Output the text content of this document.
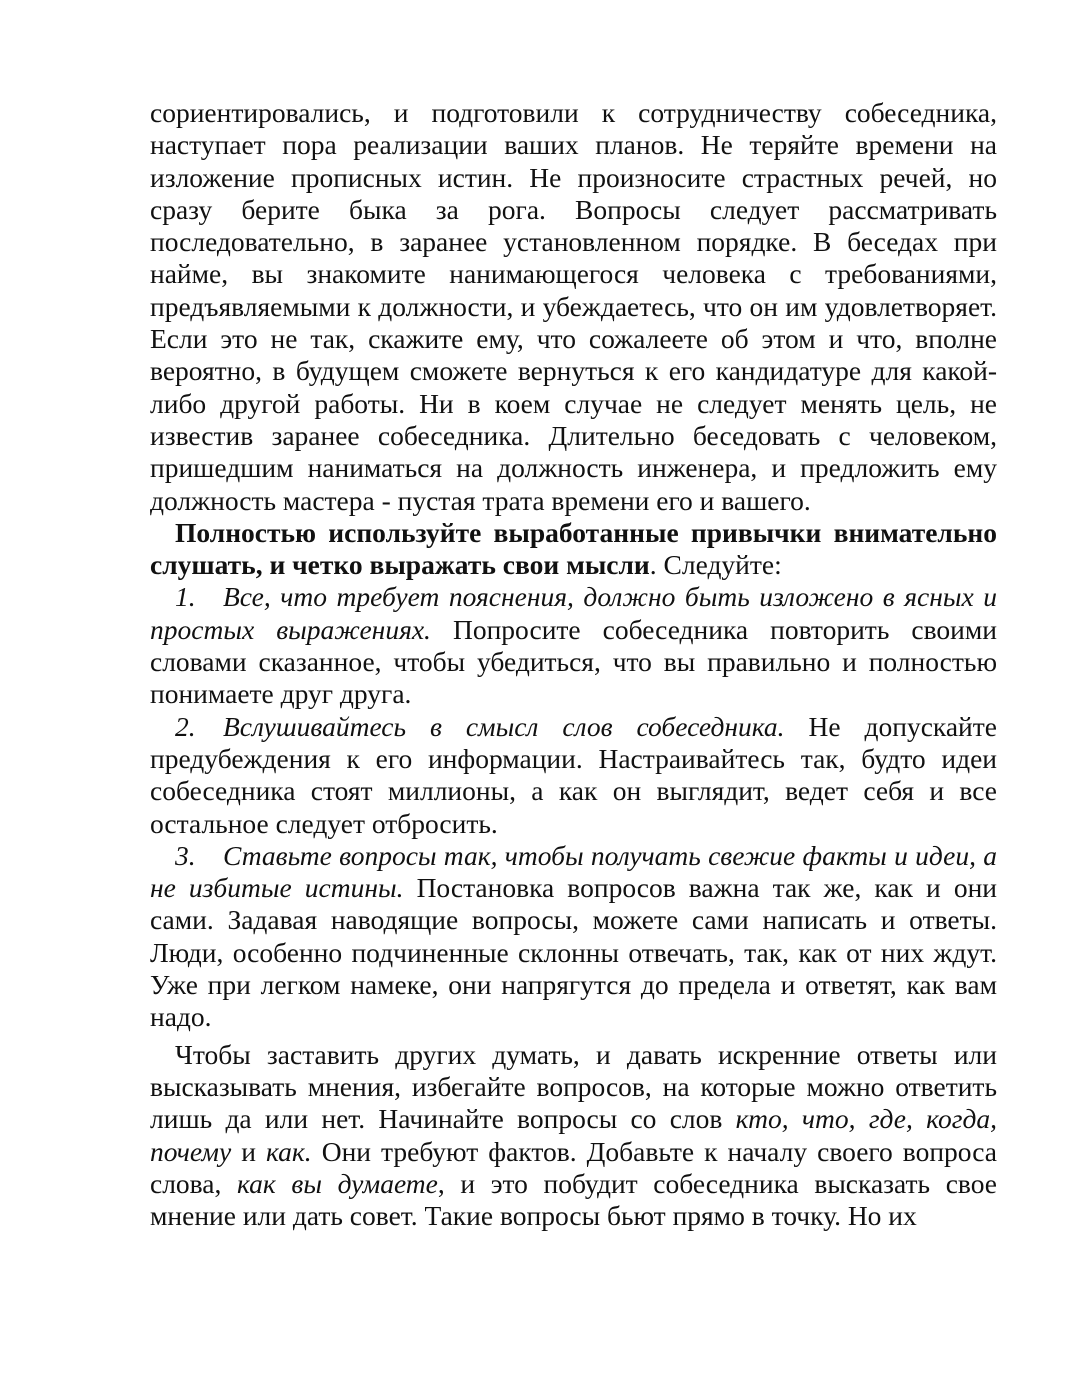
сориентировались, и подготовили к сотрудничеству собеседника, наступает пора реализации ваших планов. Не теряйте времени на изложение прописных истин. Не произносите страстных речей, но сразу берите быка за рога. Вопросы следует рассматривать последовательно, в заранее установленном порядке. В беседах при найме, вы знакомите нанимающегося человека с требованиями, предъявляемыми к должности, и убеждаетесь, что он им удовлетворяет. Если это не так, скажите ему, что сожалеете об этом и что, вполне вероятно, в будущем сможете вернуться к его кандидатуре для какой-либо другой работы. Ни в коем случае не следует менять цель, не известив заранее собеседника. Длительно беседовать с человеком, пришедшим наниматься на должность инженера, и предложить ему должность мастера - пустая трата времени его и вашего.

Полностью используйте выработанные привычки внимательно слушать, и четко выражать свои мысли. Следуйте:

1. Все, что требует пояснения, должно быть изложено в ясных и простых выражениях. Попросите собеседника повторить своими словами сказанное, чтобы убедиться, что вы правильно и полностью понимаете друг друга.

2. Вслушивайтесь в смысл слов собеседника. Не допускайте предубеждения к его информации. Настраивайтесь так, будто идеи собеседника стоят миллионы, а как он выглядит, ведет себя и все остальное следует отбросить.

3. Ставьте вопросы так, чтобы получать свежие факты и идеи, а не избитые истины. Постановка вопросов важна так же, как и они сами. Задавая наводящие вопросы, можете сами написать и ответы. Люди, особенно подчиненные склонны отвечать, так, как от них ждут. Уже при легком намеке, они напрягутся до предела и ответят, как вам надо.

Чтобы заставить других думать, и давать искренние ответы или высказывать мнения, избегайте вопросов, на которые можно ответить лишь да или нет. Начинайте вопросы со слов кто, что, где, когда, почему и как. Они требуют фактов. Добавьте к началу своего вопроса слова, как вы думаете, и это побудит собеседника высказать свое мнение или дать совет. Такие вопросы бьют прямо в точку. Но их
